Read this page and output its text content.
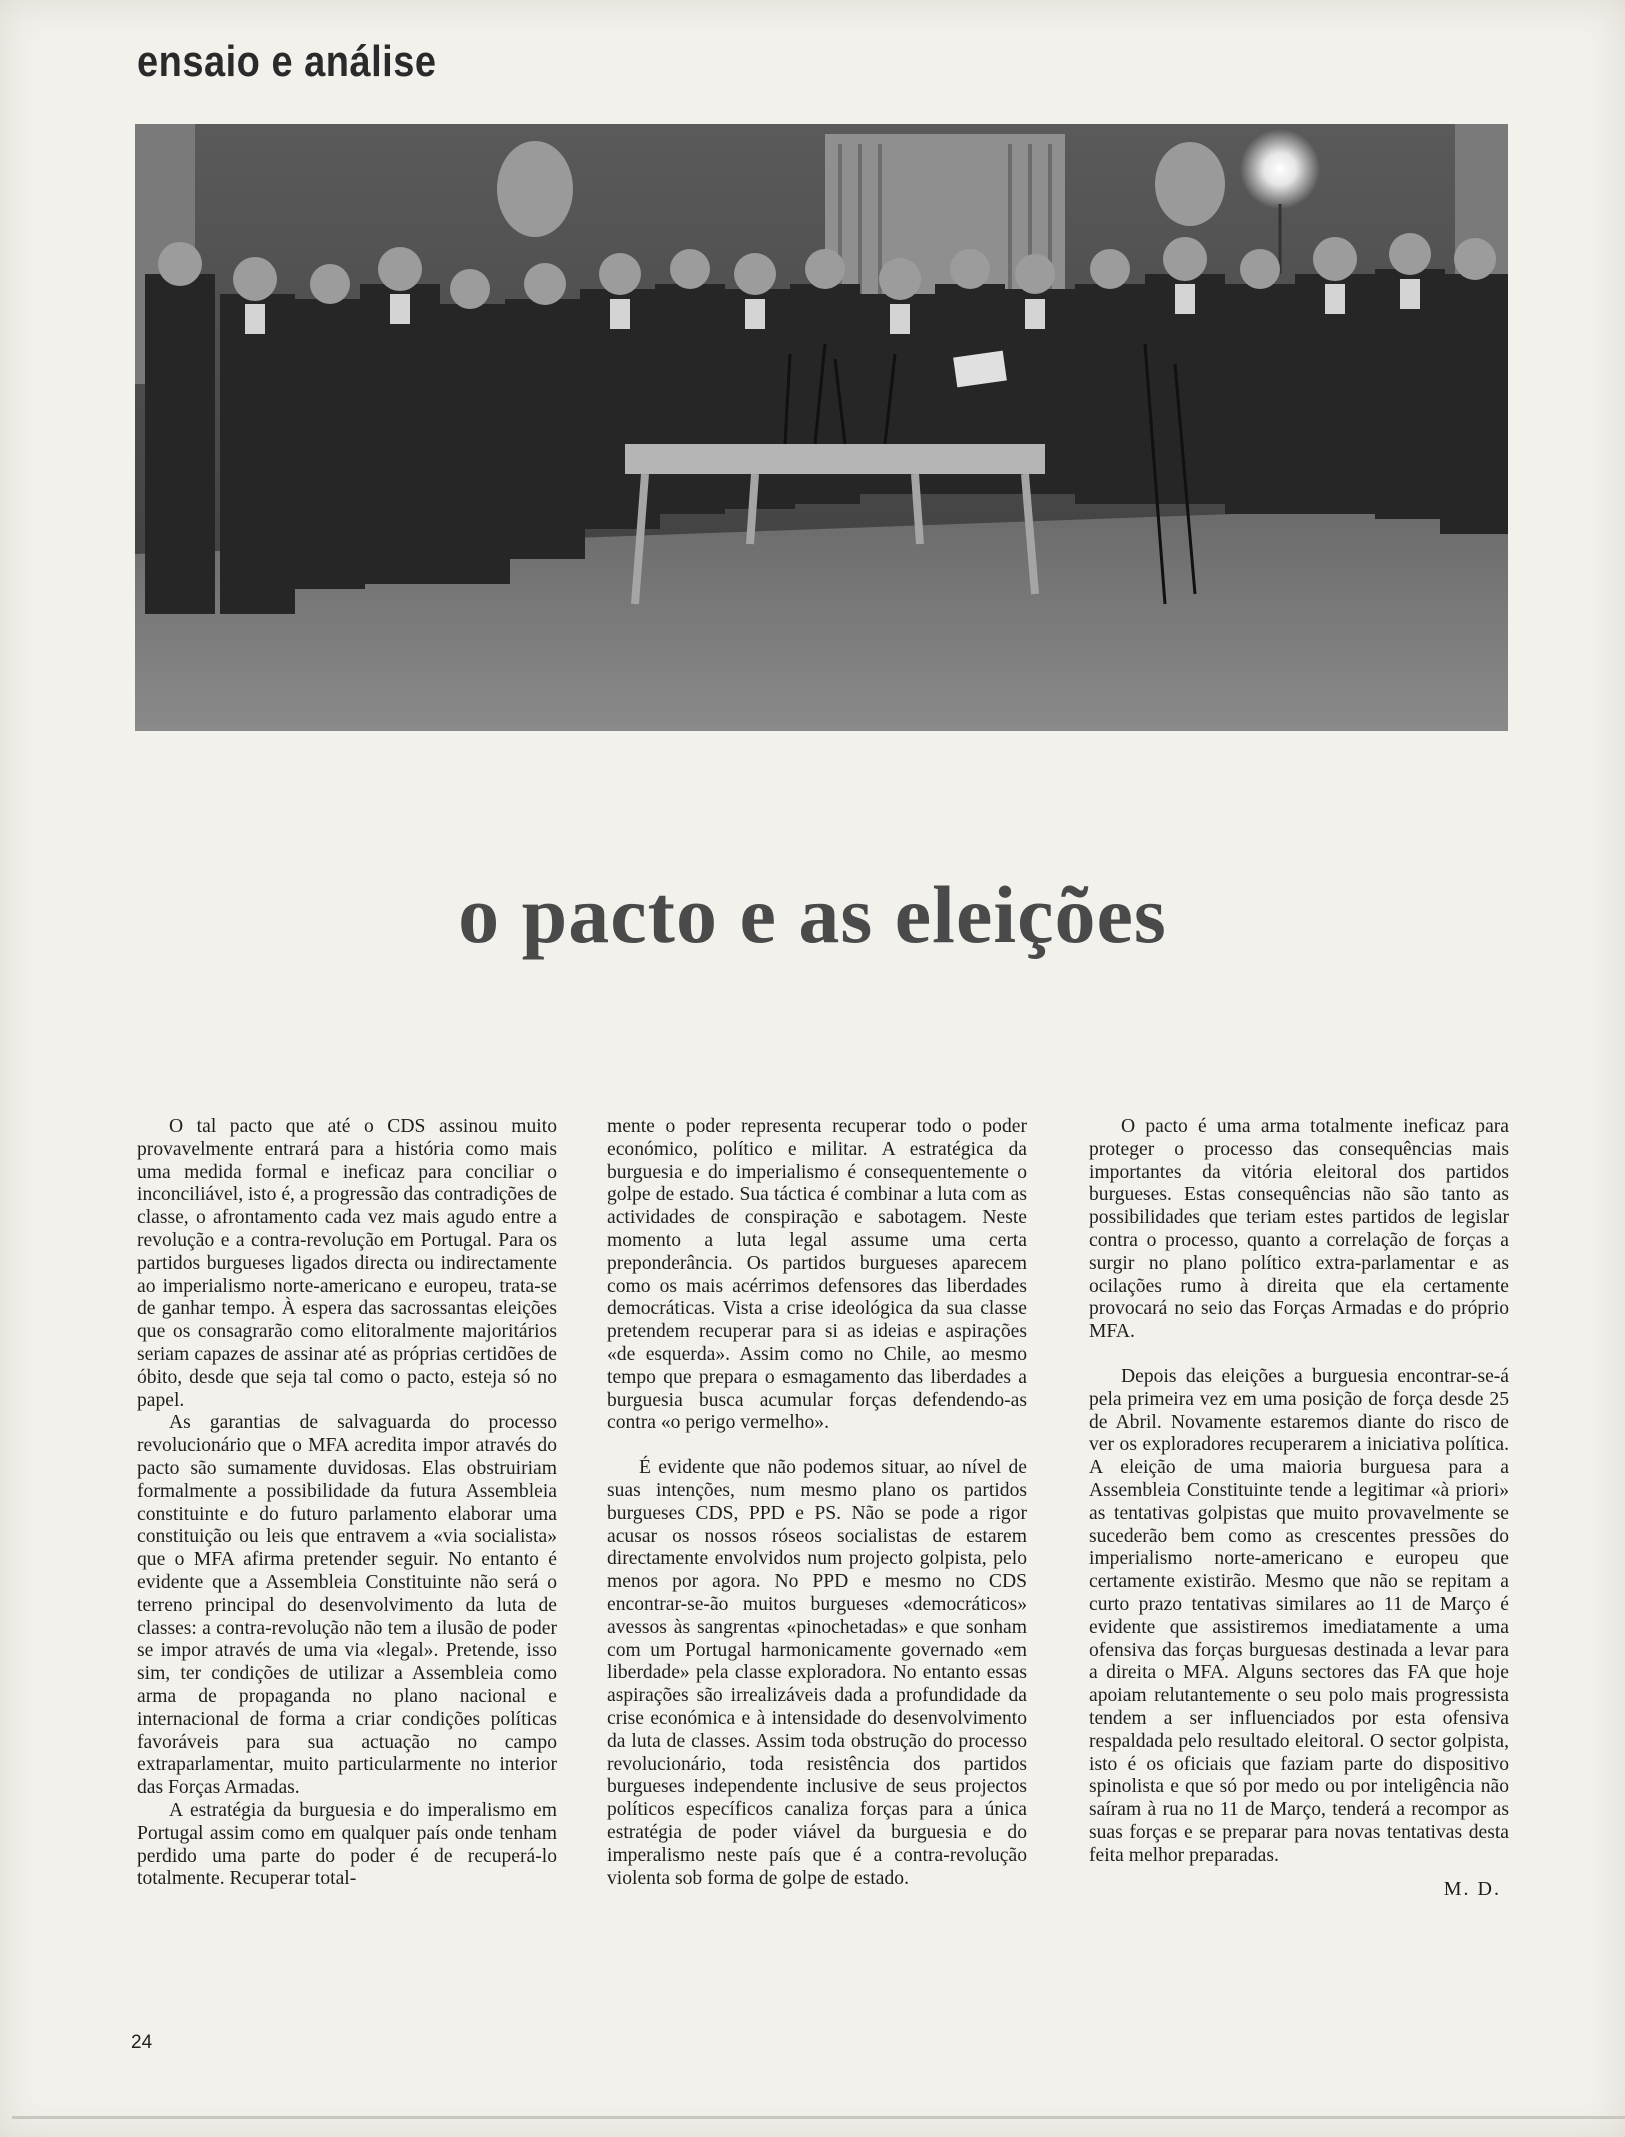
ensaio e análise
o pacto e as eleições

O tal pacto que até o CDS assinou muito provavelmente entrará para a história como mais uma medida formal e ineficaz para conciliar o inconciliável, isto é, a progressão das contradições de classe, o afrontamento cada vez mais agudo entre a revolução e a contra-revolução em Portugal. Para os partidos burgueses ligados directa ou indirectamente ao imperialismo norte-americano e europeu, trata-se de ganhar tempo. À espera das sacrossantas eleições que os consagrarão como elitoralmente majoritários seriam capazes de assinar até as próprias certidões de óbito, desde que seja tal como o pacto, esteja só no papel.

As garantias de salvaguarda do processo revolucionário que o MFA acredita impor através do pacto são sumamente duvidosas. Elas obstruiriam formalmente a possibilidade da futura Assembleia constituinte e do futuro parlamento elaborar uma constituição ou leis que entravem a «via socialista» que o MFA afirma pretender seguir. No entanto é evidente que a Assembleia Constituinte não será o terreno principal do desenvolvimento da luta de classes: a contra-revolução não tem a ilusão de poder se impor através de uma via «legal». Pretende, isso sim, ter condições de utilizar a Assembleia como arma de propaganda no plano nacional e internacional de forma a criar condições políticas favoráveis para sua actuação no campo extraparlamentar, muito particularmente no interior das Forças Armadas.

A estratégia da burguesia e do imperalismo em Portugal assim como em qualquer país onde tenham perdido uma parte do poder é de recuperá-lo totalmente. Recuperar total-

mente o poder representa recuperar todo o poder económico, político e militar. A estratégica da burguesia e do imperialismo é consequentemente o golpe de estado. Sua táctica é combinar a luta com as actividades de conspiração e sabotagem. Neste momento a luta legal assume uma certa preponderância. Os partidos burgueses aparecem como os mais acérrimos defensores das liberdades democráticas. Vista a crise ideológica da sua classe pretendem recuperar para si as ideias e aspirações «de esquerda». Assim como no Chile, ao mesmo tempo que prepara o esmagamento das liberdades a burguesia busca acumular forças defendendo-as contra «o perigo vermelho».

É evidente que não podemos situar, ao nível de suas intenções, num mesmo plano os partidos burgueses CDS, PPD e PS. Não se pode a rigor acusar os nossos róseos socialistas de estarem directamente envolvidos num projecto golpista, pelo menos por agora. No PPD e mesmo no CDS encontrar-se-ão muitos burgueses «democráticos» avessos às sangrentas «pinochetadas» e que sonham com um Portugal harmonicamente governado «em liberdade» pela classe exploradora. No entanto essas aspirações são irrealizáveis dada a profundidade da crise económica e à intensidade do desenvolvimento da luta de classes. Assim toda obstrução do processo revolucionário, toda resistência dos partidos burgueses independente inclusive de seus projectos políticos específicos canaliza forças para a única estratégia de poder viável da burguesia e do imperalismo neste país que é a contra-revolução violenta sob forma de golpe de estado.

O pacto é uma arma totalmente ineficaz para proteger o processo das consequências mais importantes da vitória eleitoral dos partidos burgueses. Estas consequências não são tanto as possibilidades que teriam estes partidos de legislar contra o processo, quanto a correlação de forças a surgir no plano político extra-parlamentar e as ocilações rumo à direita que ela certamente provocará no seio das Forças Armadas e do próprio MFA.

Depois das eleições a burguesia encontrar-se-á pela primeira vez em uma posição de força desde 25 de Abril. Novamente estaremos diante do risco de ver os exploradores recuperarem a iniciativa política. A eleição de uma maioria burguesa para a Assembleia Constituinte tende a legitimar «à priori» as tentativas golpistas que muito provavelmente se sucederão bem como as crescentes pressões do imperialismo norte-americano e europeu que certamente existirão. Mesmo que não se repitam a curto prazo tentativas similares ao 11 de Março é evidente que assistiremos imediatamente a uma ofensiva das forças burguesas destinada a levar para a direita o MFA. Alguns sectores das FA que hoje apoiam relutantemente o seu polo mais progressista tendem a ser influenciados por esta ofensiva respaldada pelo resultado eleitoral. O sector golpista, isto é os oficiais que faziam parte do dispositivo spinolista e que só por medo ou por inteligência não saíram à rua no 11 de Março, tenderá a recompor as suas forças e se preparar para novas tentativas desta feita melhor preparadas.

M. D.
24
